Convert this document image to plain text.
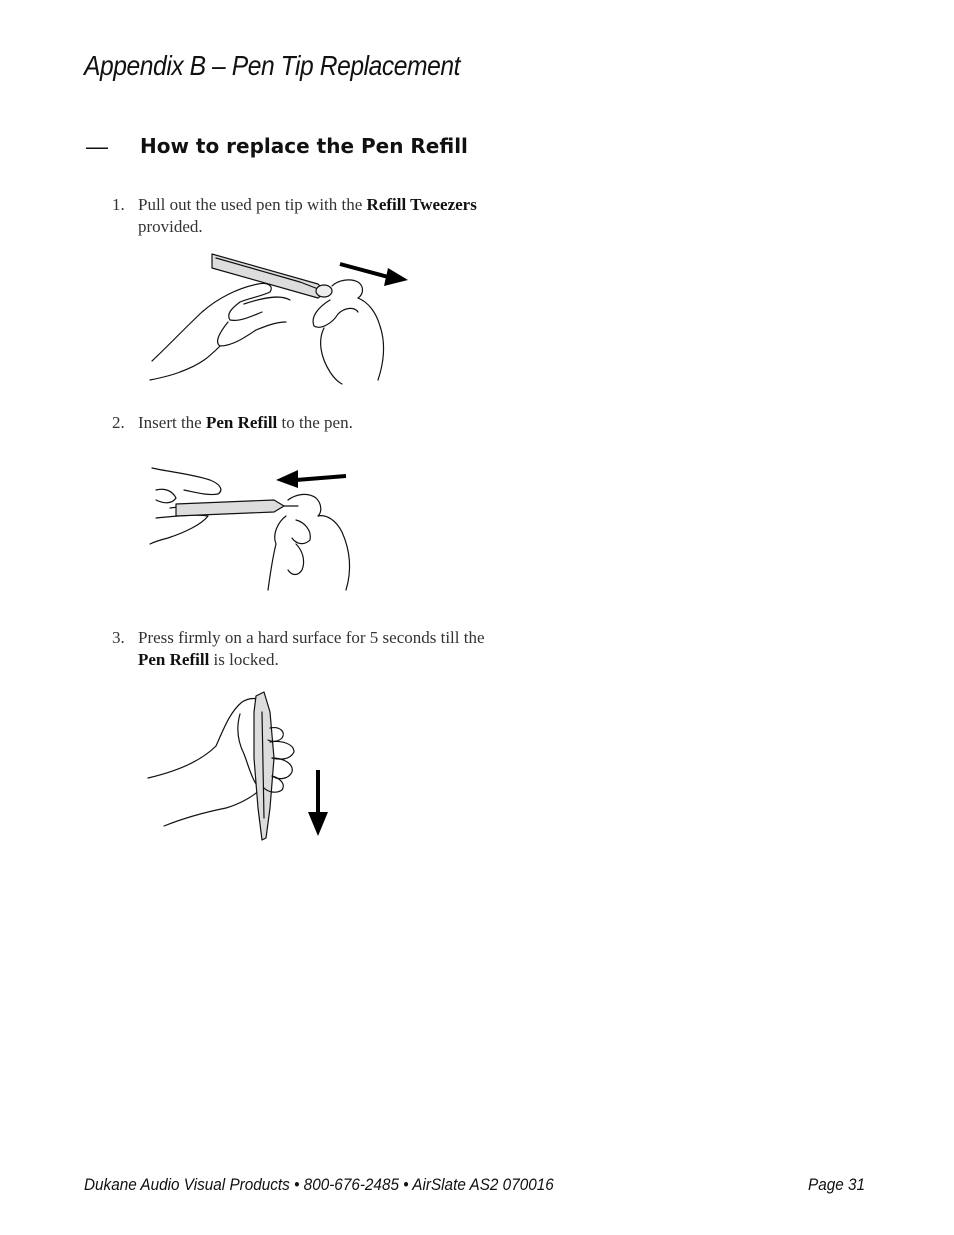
Appendix B – Pen Tip Replacement
— How to replace the Pen Refill
1. Pull out the used pen tip with the Refill Tweezers
provided.
2. Insert the Pen Refill to the pen.
3. Press firmly on a hard surface for 5 seconds till the
Pen Refill is locked.
Dukane Audio Visual Products • 800-676-2485 • AirSlate AS2 070016	Page 31
